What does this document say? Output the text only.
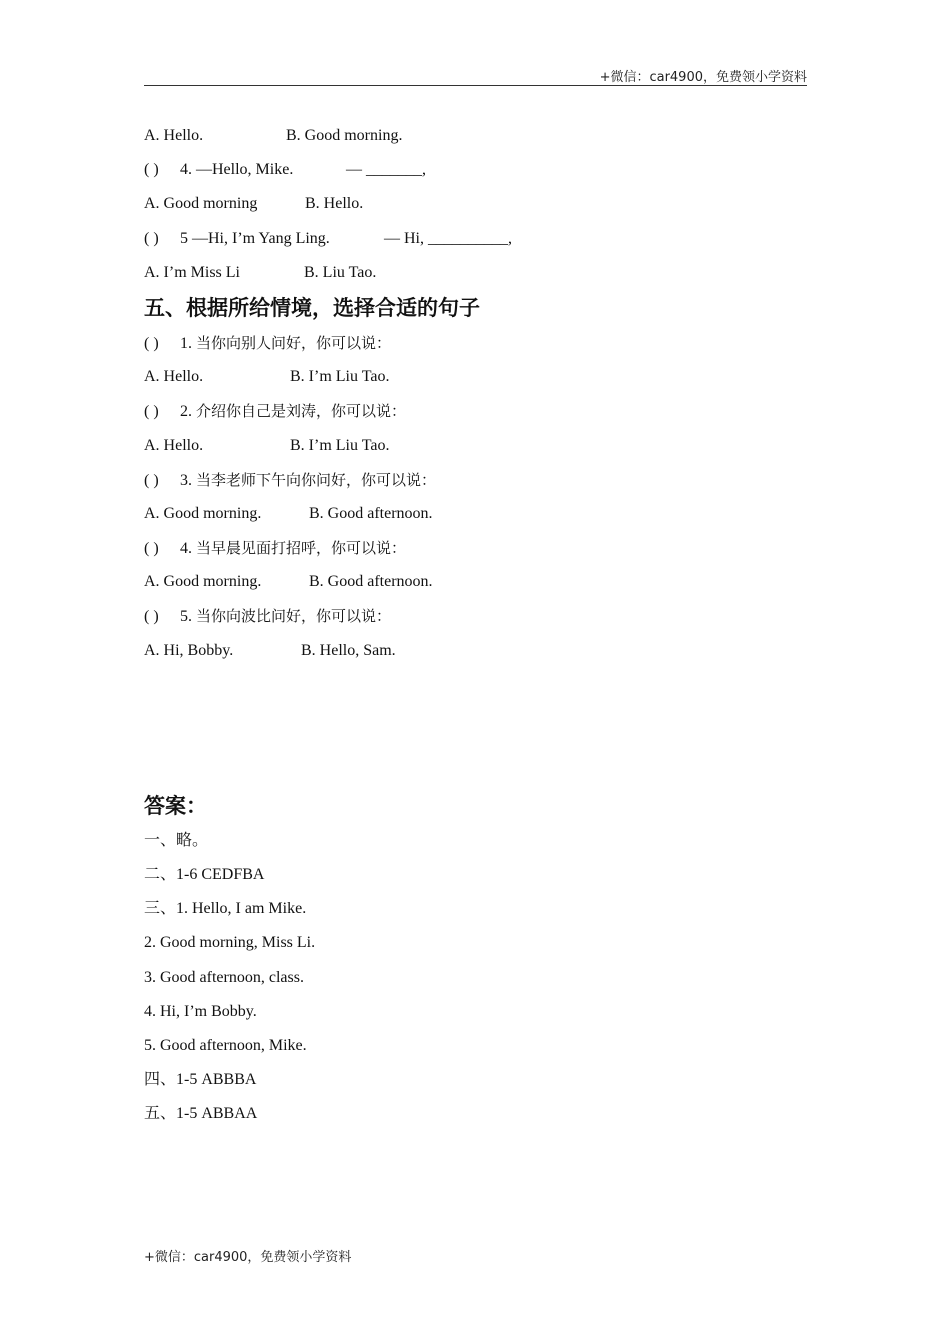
+微信：car4900，免费领小学资料
A. Hello.	B. Good morning.
( ) 4. —Hello, Mike.	— _______,
A. Good morning	B. Hello.
( ) 5 —Hi, I’m Yang Ling.	— Hi, __________,
A. I’m Miss Li	B. Liu Tao.
五、根据所给情境，选择合适的句子
( ) 1. 当你向别人问好，你可以说：
A. Hello.	B. I’m Liu Tao.
( ) 2. 介绍你自己是刘涛，你可以说：
A. Hello.	B. I’m Liu Tao.
( ) 3. 当李老师下午向你问好，你可以说：
A. Good morning.	B. Good afternoon.
( ) 4. 当早晨见面打招呼，你可以说：
A. Good morning.	B. Good afternoon.
( ) 5. 当你向波比问好，你可以说：
A. Hi, Bobby.	B. Hello, Sam.
答案：
一、略。
二、1-6 CEDFBA
三、1. Hello, I am Mike.
2. Good morning, Miss Li.
3. Good afternoon, class.
4. Hi, I’m Bobby.
5. Good afternoon, Mike.
四、1-5 ABBBA
五、1-5 ABBAA
+微信：car4900，免费领小学资料
